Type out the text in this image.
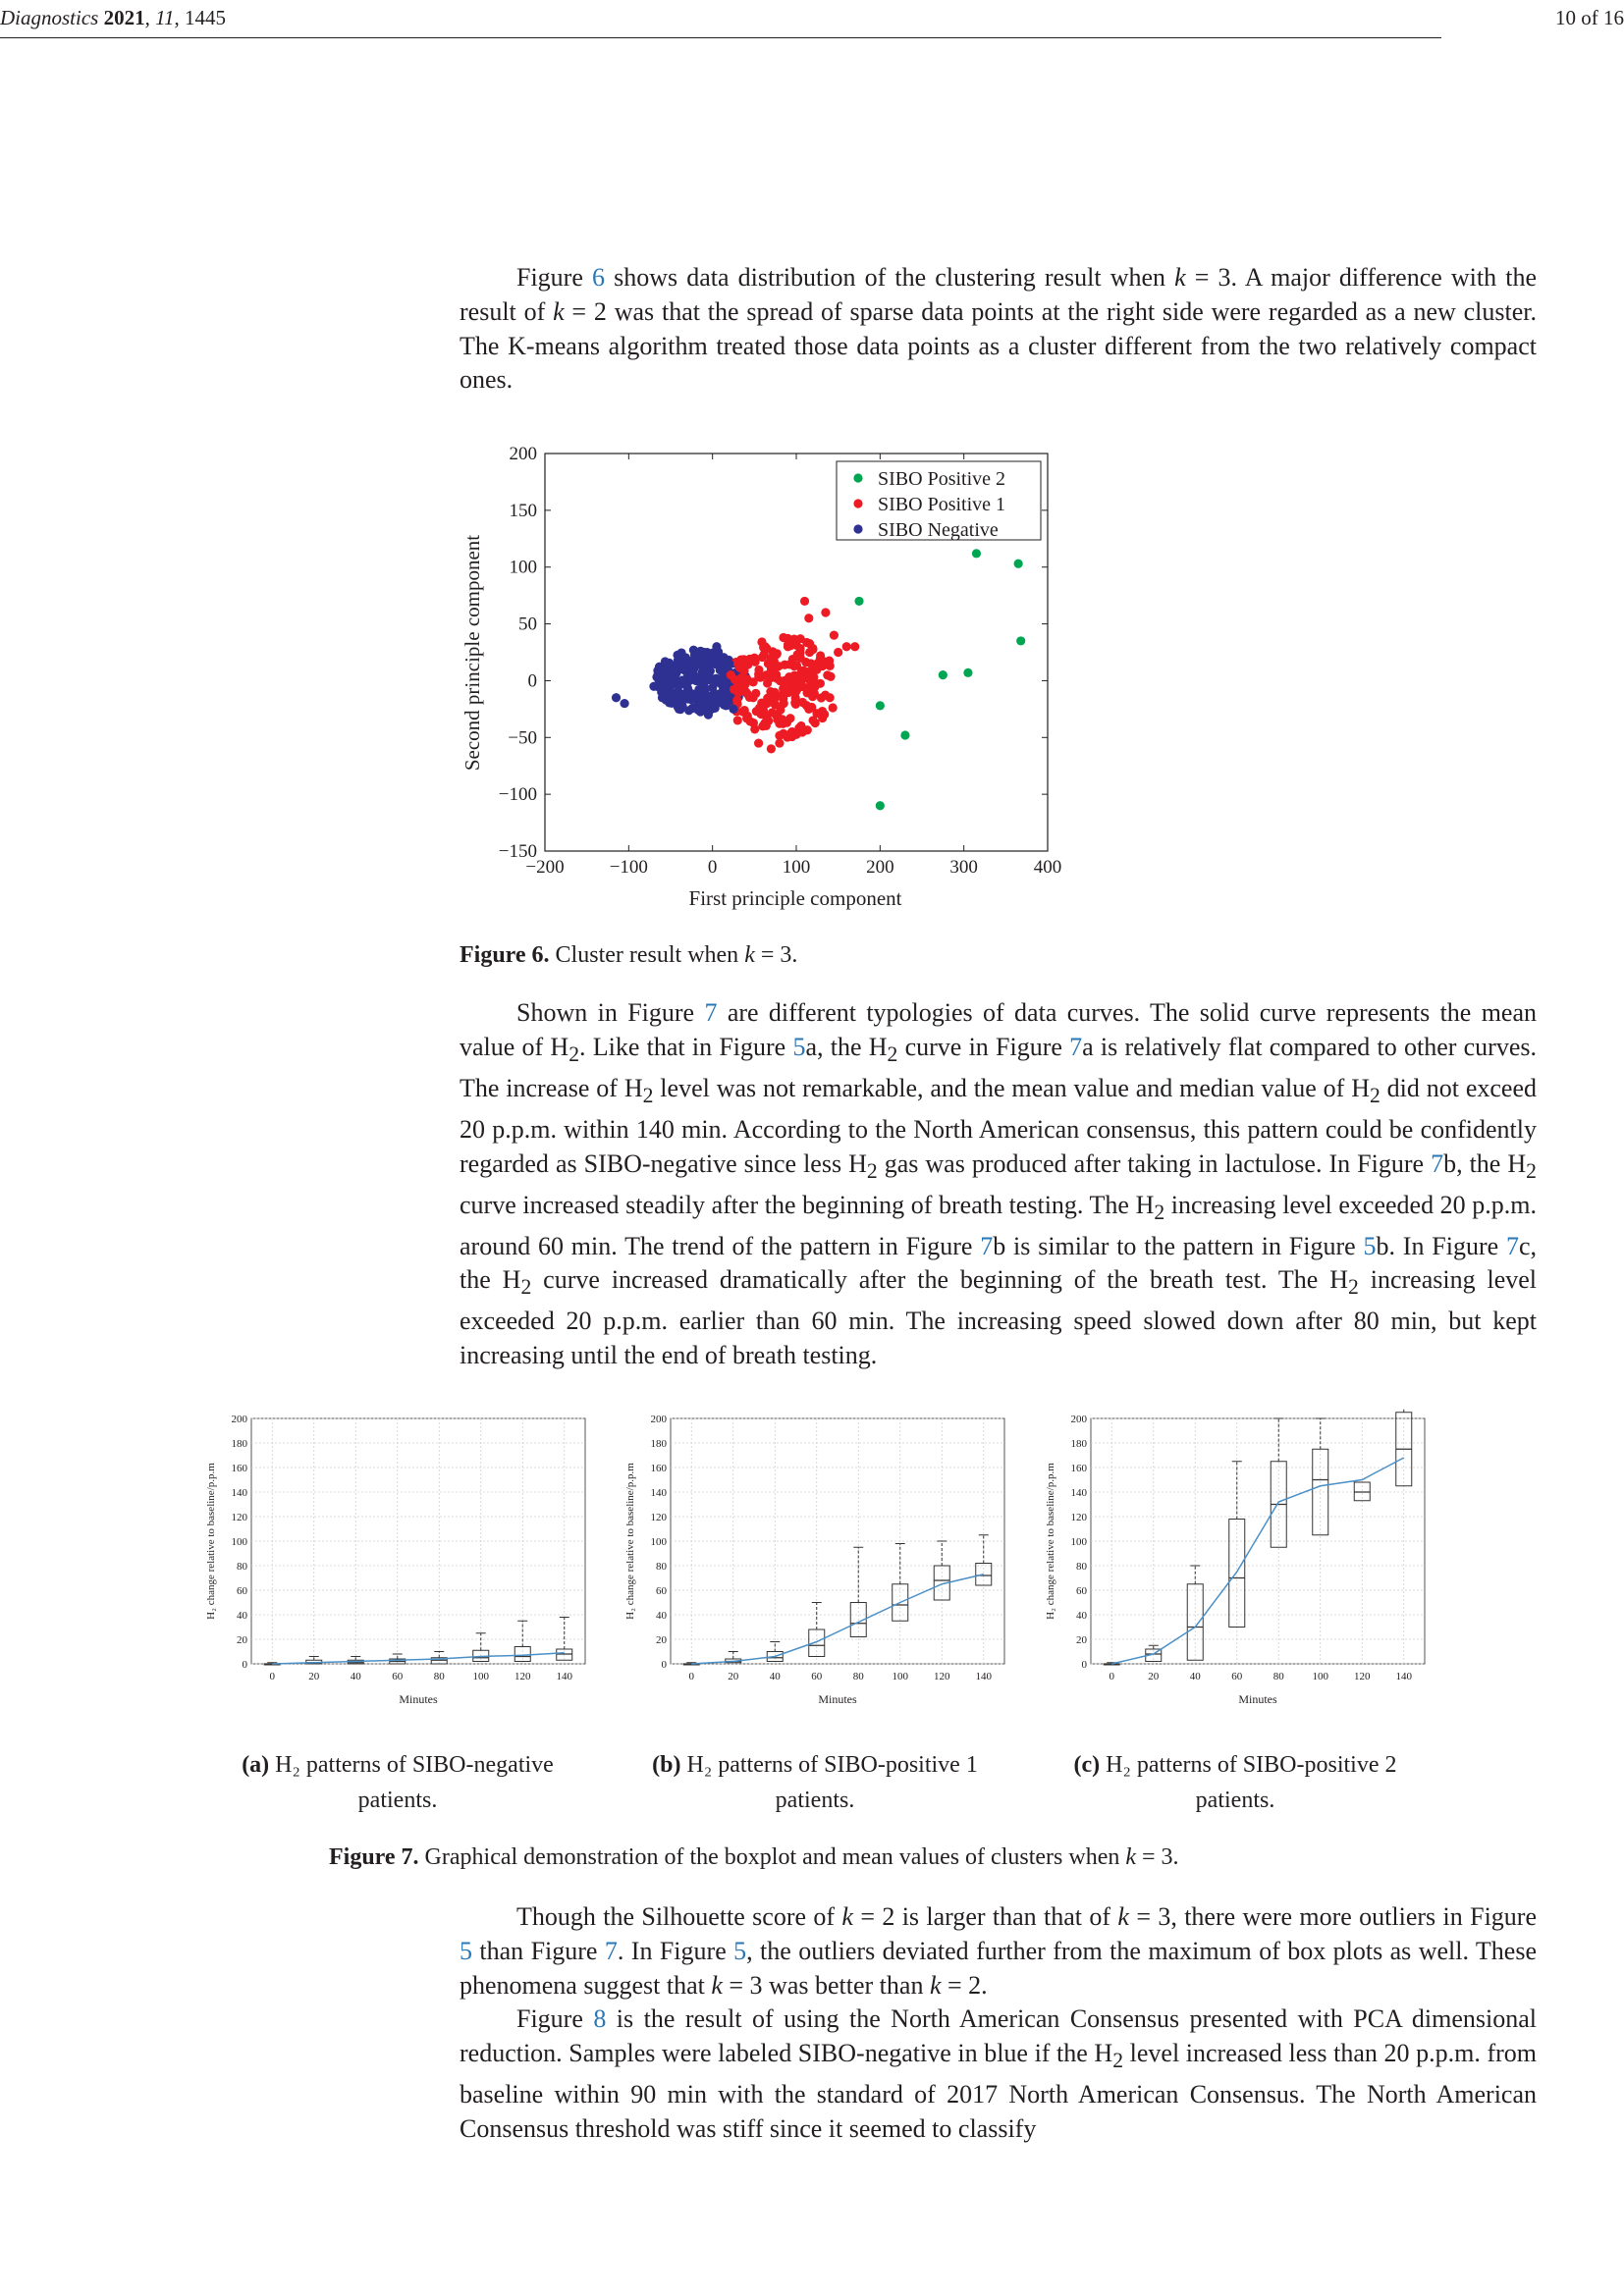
Diagnostics 2021, 11, 1445	10 of 16

Figure 6 shows data distribution of the clustering result when k = 3. A major difference with the result of k = 2 was that the spread of sparse data points at the right side were regarded as a new cluster. The K-means algorithm treated those data points as a cluster different from the two relatively compact ones.

−200 −100	0	100	200	300	400
200
150
100
50
0
−50
−100
−150
First principle component
Second principle component
SIBO Positive 2
SIBO Positive 1
SIBO Negative
Figure 6. Cluster result when k = 3.

Shown in Figure 7 are different typologies of data curves. The solid curve represents the mean value of $H_2$. Like that in Figure 5a, the $H_2$ curve in Figure 7a is relatively flat compared to other curves. The increase of $H_2$ level was not remarkable, and the mean value and median value of $H_2$ did not exceed 20 p.p.m. within 140 min. According to the North American consensus, this pattern could be confidently regarded as SIBO-negative since less $H_2$ gas was produced after taking in lactulose. In Figure 7b, the $H_2$ curve increased steadily after the beginning of breath testing. The $H_2$ increasing level exceeded 20 p.p.m. around 60 min. The trend of the pattern in Figure 7b is similar to the pattern in Figure 5b. In Figure 7c, the $H_2$ curve increased dramatically after the beginning of the breath test. The $H_2$ increasing level exceeded 20 p.p.m. earlier than 60 min. The increasing speed slowed down after 80 min, but kept increasing until the end of breath testing.

0
20
40
60
80
100
120
140
160
180
200
0	20	40	60	80	100 120 140
Minutes
H₂ change relative to baseline/p.p.m
0
20
40
60
80
100
120
140
160
180
200
0	20	40	60	80	100 120 140
Minutes
H₂ change relative to baseline/p.p.m
0
20
40
60
80
100
120
140
160
180
200
0	20	40	60	80	100 120 140
Minutes
H₂ change relative to baseline/p.p.m
(a) H₂ patterns of SIBO-negative
patients.
(b) H₂ patterns of SIBO-positive 1
patients.
(c) H₂ patterns of SIBO-positive 2
patients.
Figure 7. Graphical demonstration of the boxplot and mean values of clusters when k = 3.

Though the Silhouette score of k = 2 is larger than that of k = 3, there were more outliers in Figure 5 than Figure 7. In Figure 5, the outliers deviated further from the maximum of box plots as well. These phenomena suggest that k = 3 was better than k = 2.

Figure 8 is the result of using the North American Consensus presented with PCA dimensional reduction. Samples were labeled SIBO-negative in blue if the $H_2$ level increased less than 20 p.p.m. from baseline within 90 min with the standard of 2017 North American Consensus. The North American Consensus threshold was stiff since it seemed to classify
